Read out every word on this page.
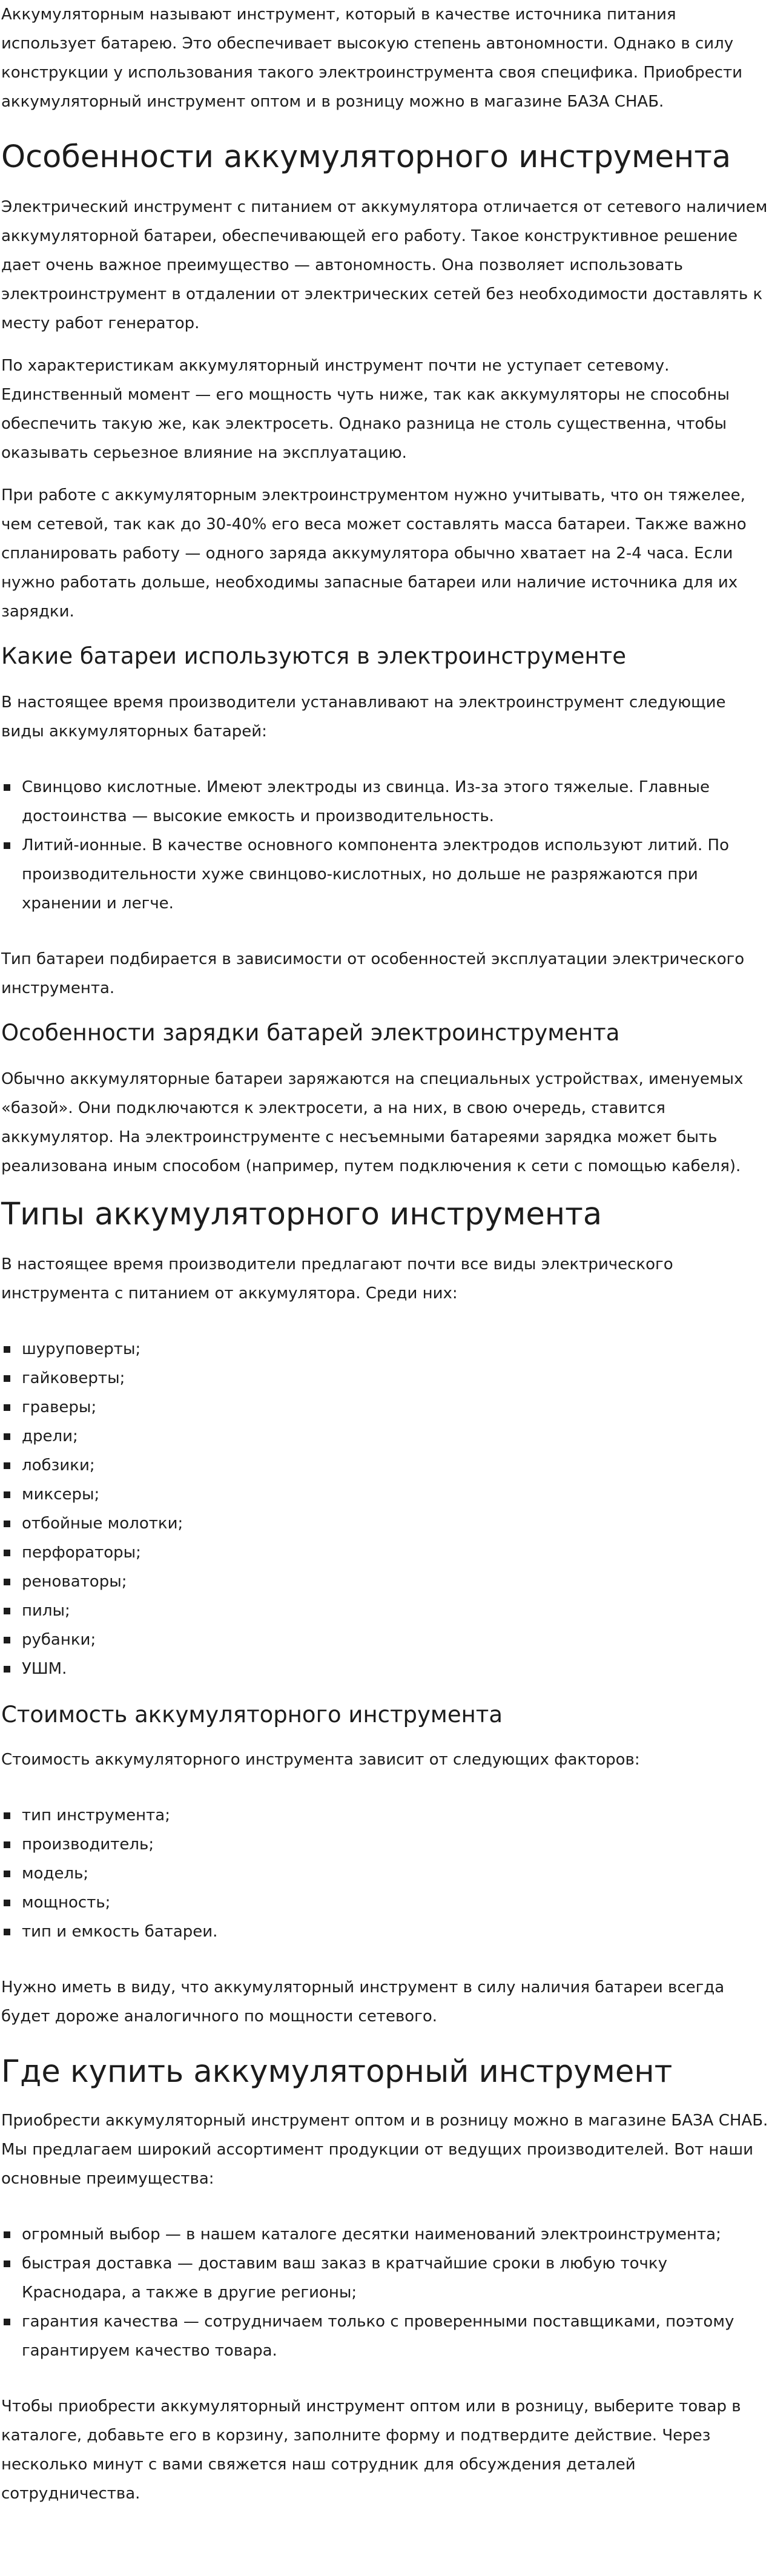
Аккумуляторным называют инструмент, который в качестве источника питания использует батарею. Это обеспечивает высокую степень автономности. Однако в силу конструкции у использования такого электроинструмента своя специфика. Приобрести аккумуляторный инструмент оптом и в розницу можно в магазине БАЗА СНАБ.

Особенности аккумуляторного инструмента

Электрический инструмент с питанием от аккумулятора отличается от сетевого наличием аккумуляторной батареи, обеспечивающей его работу. Такое конструктивное решение дает очень важное преимущество — автономность. Она позволяет использовать электроинструмент в отдалении от электрических сетей без необходимости доставлять к месту работ генератор.

По характеристикам аккумуляторный инструмент почти не уступает сетевому. Единственный момент — его мощность чуть ниже, так как аккумуляторы не способны обеспечить такую же, как электросеть. Однако разница не столь существенна, чтобы оказывать серьезное влияние на эксплуатацию.

При работе с аккумуляторным электроинструментом нужно учитывать, что он тяжелее, чем сетевой, так как до 30-40% его веса может составлять масса батареи. Также важно спланировать работу — одного заряда аккумулятора обычно хватает на 2-4 часа. Если нужно работать дольше, необходимы запасные батареи или наличие источника для их зарядки.

Какие батареи используются в электроинструменте

В настоящее время производители устанавливают на электроинструмент следующие виды аккумуляторных батарей:

Свинцово кислотные. Имеют электроды из свинца. Из-за этого тяжелые. Главные достоинства — высокие емкость и производительность.
Литий-ионные. В качестве основного компонента электродов используют литий. По производительности хуже свинцово-кислотных, но дольше не разряжаются при хранении и легче.

Тип батареи подбирается в зависимости от особенностей эксплуатации электрического инструмента.

Особенности зарядки батарей электроинструмента

Обычно аккумуляторные батареи заряжаются на специальных устройствах, именуемых «базой». Они подключаются к электросети, а на них, в свою очередь, ставится аккумулятор. На электроинструменте с несъемными батареями зарядка может быть реализована иным способом (например, путем подключения к сети с помощью кабеля).

Типы аккумуляторного инструмента

В настоящее время производители предлагают почти все виды электрического инструмента с питанием от аккумулятора. Среди них:

шуруповерты;
гайковерты;
граверы;
дрели;
лобзики;
миксеры;
отбойные молотки;
перфораторы;
реноваторы;
пилы;
рубанки;
УШМ.
Стоимость аккумуляторного инструмента

Стоимость аккумуляторного инструмента зависит от следующих факторов:

тип инструмента;
производитель;
модель;
мощность;
тип и емкость батареи.

Нужно иметь в виду, что аккумуляторный инструмент в силу наличия батареи всегда будет дороже аналогичного по мощности сетевого.

Где купить аккумуляторный инструмент

Приобрести аккумуляторный инструмент оптом и в розницу можно в магазине БАЗА СНАБ. Мы предлагаем широкий ассортимент продукции от ведущих производителей. Вот наши основные преимущества:

огромный выбор — в нашем каталоге десятки наименований электроинструмента;
быстрая доставка — доставим ваш заказ в кратчайшие сроки в любую точку Краснодара, а также в другие регионы;
гарантия качества — сотрудничаем только с проверенными поставщиками, поэтому гарантируем качество товара.

Чтобы приобрести аккумуляторный инструмент оптом или в розницу, выберите товар в каталоге, добавьте его в корзину, заполните форму и подтвердите действие. Через несколько минут с вами свяжется наш сотрудник для обсуждения деталей сотрудничества.
